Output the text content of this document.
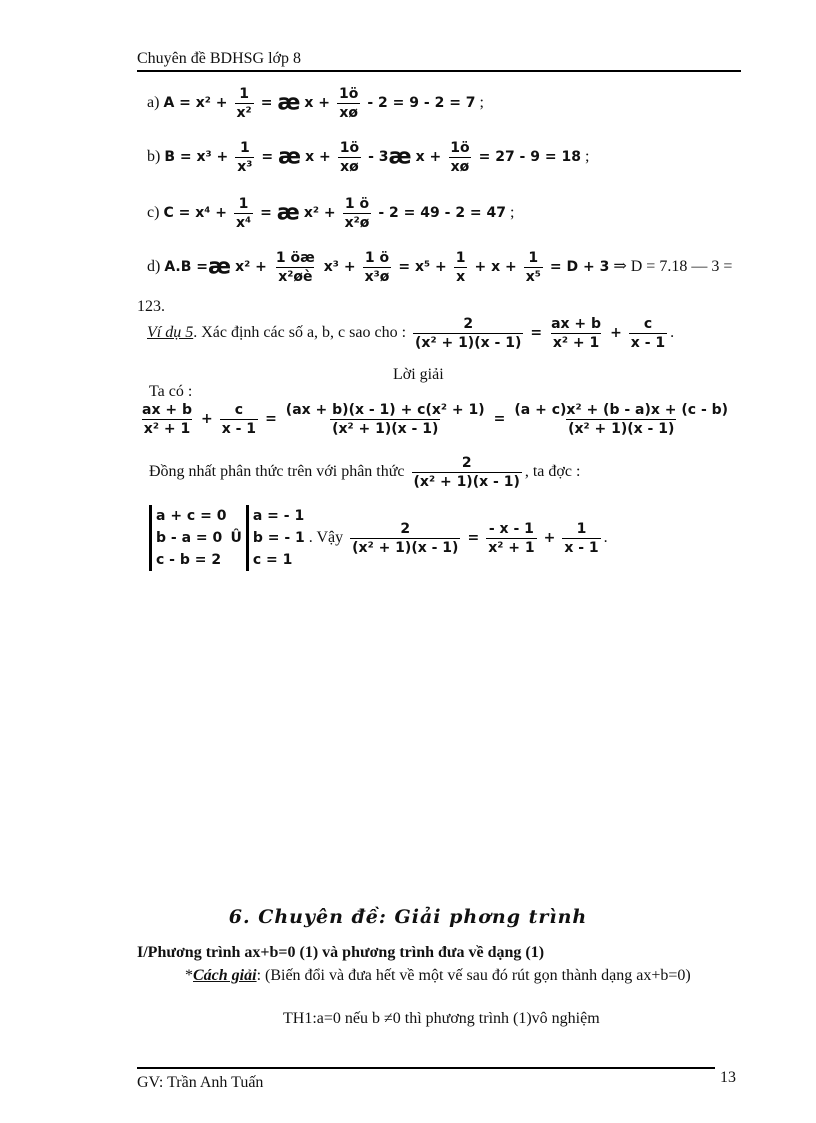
Chuyên đề BDHSG lớp 8
a) $A = x^2 + \frac{1}{\text{x²}}$ = æ $x + \frac{1ö}{xø} - 2 = 9 - 2 = 7$ ;
b) $B = x^3 + \frac{1}{\text{x³}}$ = æ $x + \frac{1ö}{xø}$ - 3æ $x + \frac{1ö}{xø} = 27 - 9 = 18$ ;
c) $C = x^4 + \frac{1}{\text{x⁴}}$ = æ $x^2 + \frac{1 ö}{\text{x²ø}} - 2 = 49 - 2 = 47$ ;
d) A.B =æ $x^2 + \frac{1 öæ}{\text{x²øè}} x^3 + \frac{1 ö}{\text{x³ø}} = x^5 + \frac{1}{x} + x + \frac{1}{\text{x⁵}} = D + 3$ ⇒ D = 7.18 — 3 =
123.
Ví dụ 5. Xác định các số a, b, c sao cho : $\frac{2}{\text{(x² + 1)(x - 1)}} = \frac{ax + b}{\text{x² + 1}} + \frac{c}{x - 1}$ .
Lời giải
Ta có :
$\frac{ax + b}{\text{x² + 1}} + \frac{c}{x - 1} = \frac{\text{(ax + b)(x - 1) + c(x² + 1)}}{\text{(x² + 1)(x - 1)}} = \frac{\text{(a + c)x² + (b - a)x + (c - b)}}{\text{(x² + 1)(x - 1)}}$
Đồng nhất phân thức trên với phân thức $\frac{2}{\text{(x² + 1)(x - 1)}}$ , ta đợc :
a + c = 0
b - a = 0
c - b = 2
Û
a = - 1
b = - 1
c = 1
. Vậy $\frac{2}{\text{(x² + 1)(x - 1)}} = \frac{- x - 1}{\text{x² + 1}} + \frac{1}{x - 1}$ .
6. Chuyên đề: Giải phơng trình
I/Phương trình ax+b=0 (1) và phương trình đưa về dạng (1)
*Cách giải: (Biến đổi và đưa hết về một vế sau đó rút gọn thành dạng ax+b=0)
TH1:a=0 nếu b ≠0 thì phương trình (1)vô nghiệm
GV: Trần Anh Tuấn	13
